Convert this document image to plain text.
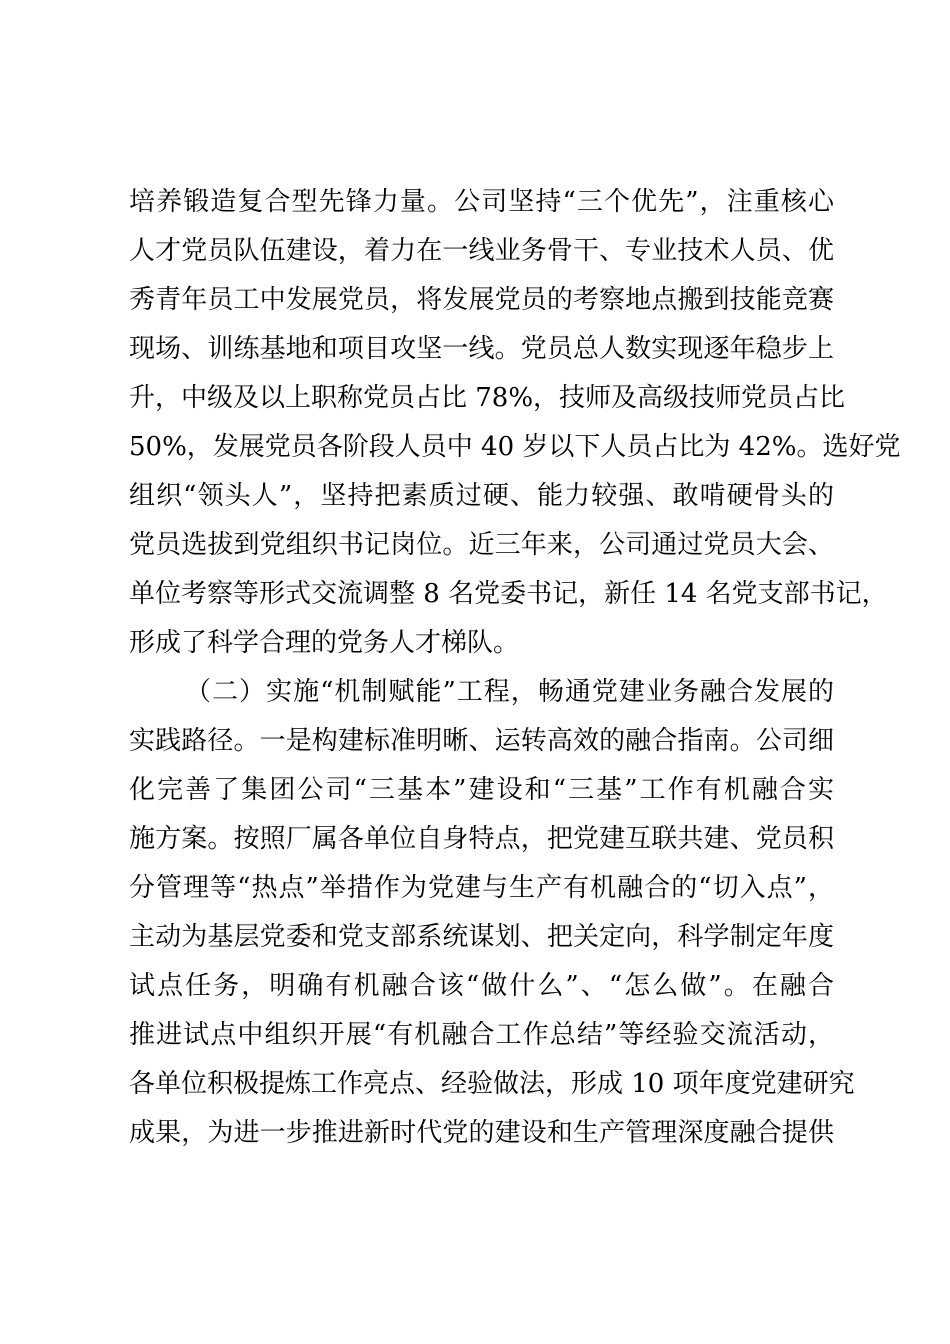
培养锻造复合型先锋力量。公司坚持“三个优先”，注重核心
人才党员队伍建设，着力在一线业务骨干、专业技术人员、优
秀青年员工中发展党员，将发展党员的考察地点搬到技能竞赛
现场、训练基地和项目攻坚一线。党员总人数实现逐年稳步上
升，中级及以上职称党员占比 78%，技师及高级技师党员占比
50%，发展党员各阶段人员中 40 岁以下人员占比为 42%。选好党
组织“领头人”，坚持把素质过硬、能力较强、敢啃硬骨头的
党员选拔到党组织书记岗位。近三年来，公司通过党员大会、
单位考察等形式交流调整 8 名党委书记，新任 14 名党支部书记，
形成了科学合理的党务人才梯队。
（二）实施“机制赋能”工程，畅通党建业务融合发展的
实践路径。一是构建标准明晰、运转高效的融合指南。公司细
化完善了集团公司“三基本”建设和“三基”工作有机融合实
施方案。按照厂属各单位自身特点，把党建互联共建、党员积
分管理等“热点”举措作为党建与生产有机融合的“切入点”，
主动为基层党委和党支部系统谋划、把关定向，科学制定年度
试点任务，明确有机融合该“做什么”、“怎么做”。在融合
推进试点中组织开展“有机融合工作总结”等经验交流活动，
各单位积极提炼工作亮点、经验做法，形成 10 项年度党建研究
成果，为进一步推进新时代党的建设和生产管理深度融合提供
